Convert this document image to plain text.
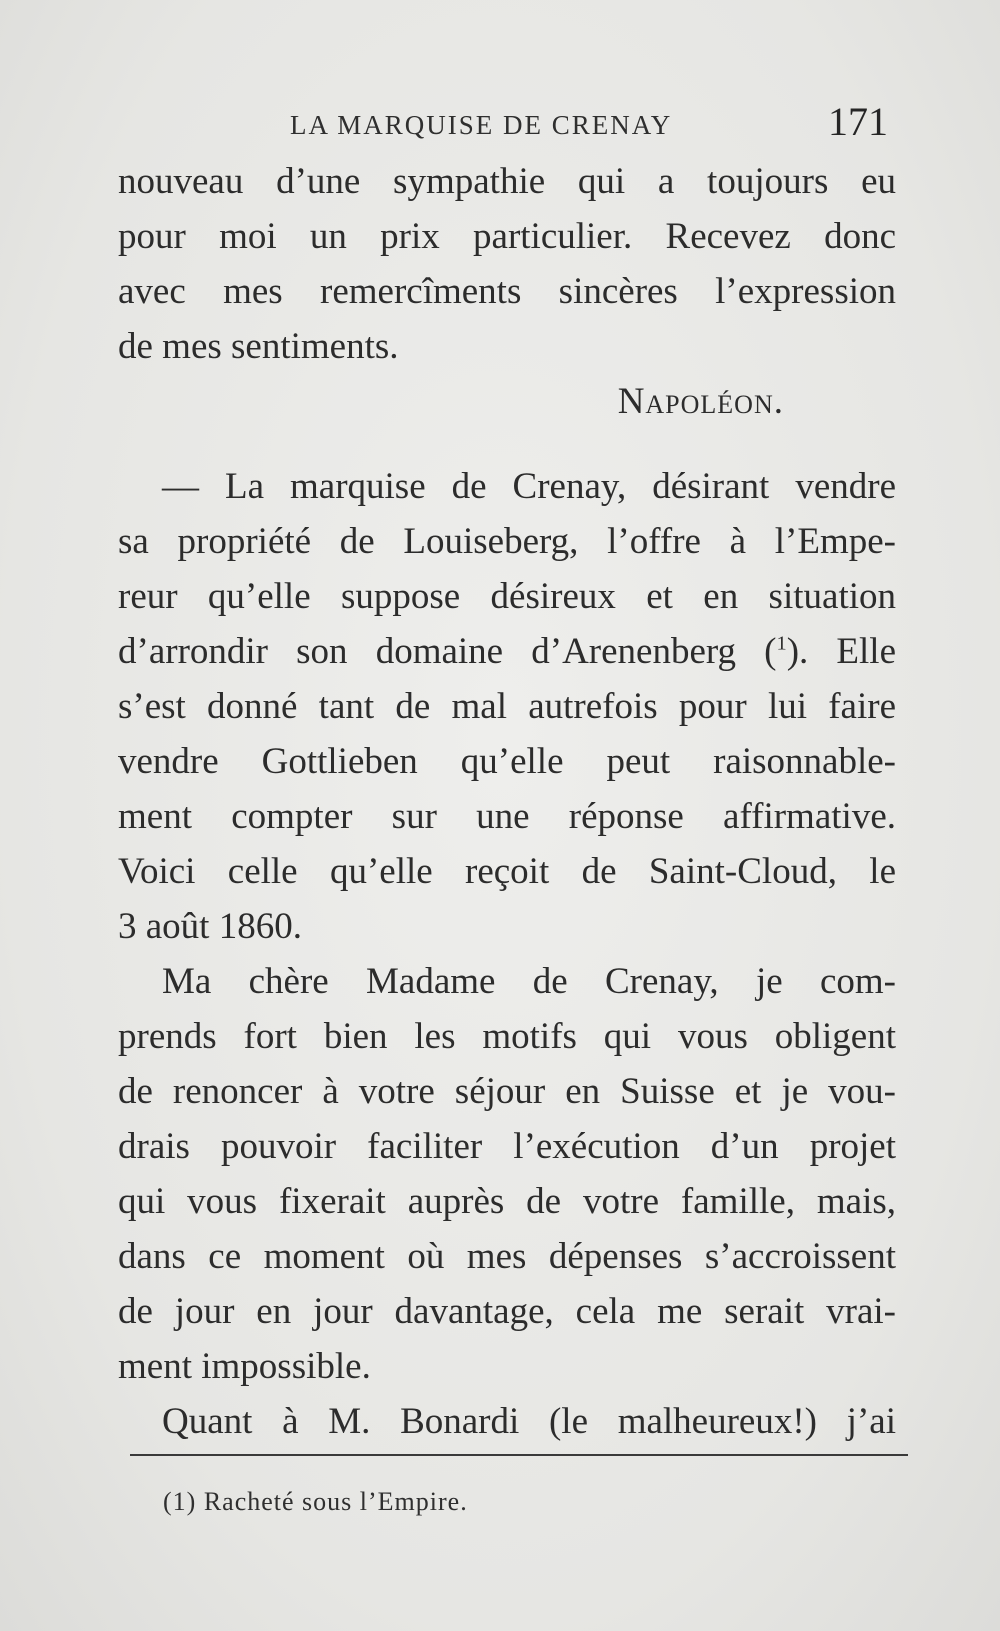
LA MARQUISE DE CRENAY	171
nouveau d’une sympathie qui a toujours eu
pour moi un prix particulier. Recevez donc
avec mes remercîments sincères l’expression
de mes sentiments.
Napoléon.
— La marquise de Crenay, désirant vendre
sa propriété de Louiseberg, l’offre à l’Empe-
reur qu’elle suppose désireux et en situation
d’arrondir son domaine d’Arenenberg ($^1$). Elle
s’est donné tant de mal autrefois pour lui faire
vendre Gottlieben qu’elle peut raisonnable-
ment compter sur une réponse affirmative.
Voici celle qu’elle reçoit de Saint-Cloud, le
3 août 1860.
Ma chère Madame de Crenay, je com-
prends fort bien les motifs qui vous obligent
de renoncer à votre séjour en Suisse et je vou-
drais pouvoir faciliter l’exécution d’un projet
qui vous fixerait auprès de votre famille, mais,
dans ce moment où mes dépenses s’accroissent
de jour en jour davantage, cela me serait vrai-
ment impossible.
Quant à M. Bonardi (le malheureux!) j’ai
(1) Racheté sous l’Empire.
